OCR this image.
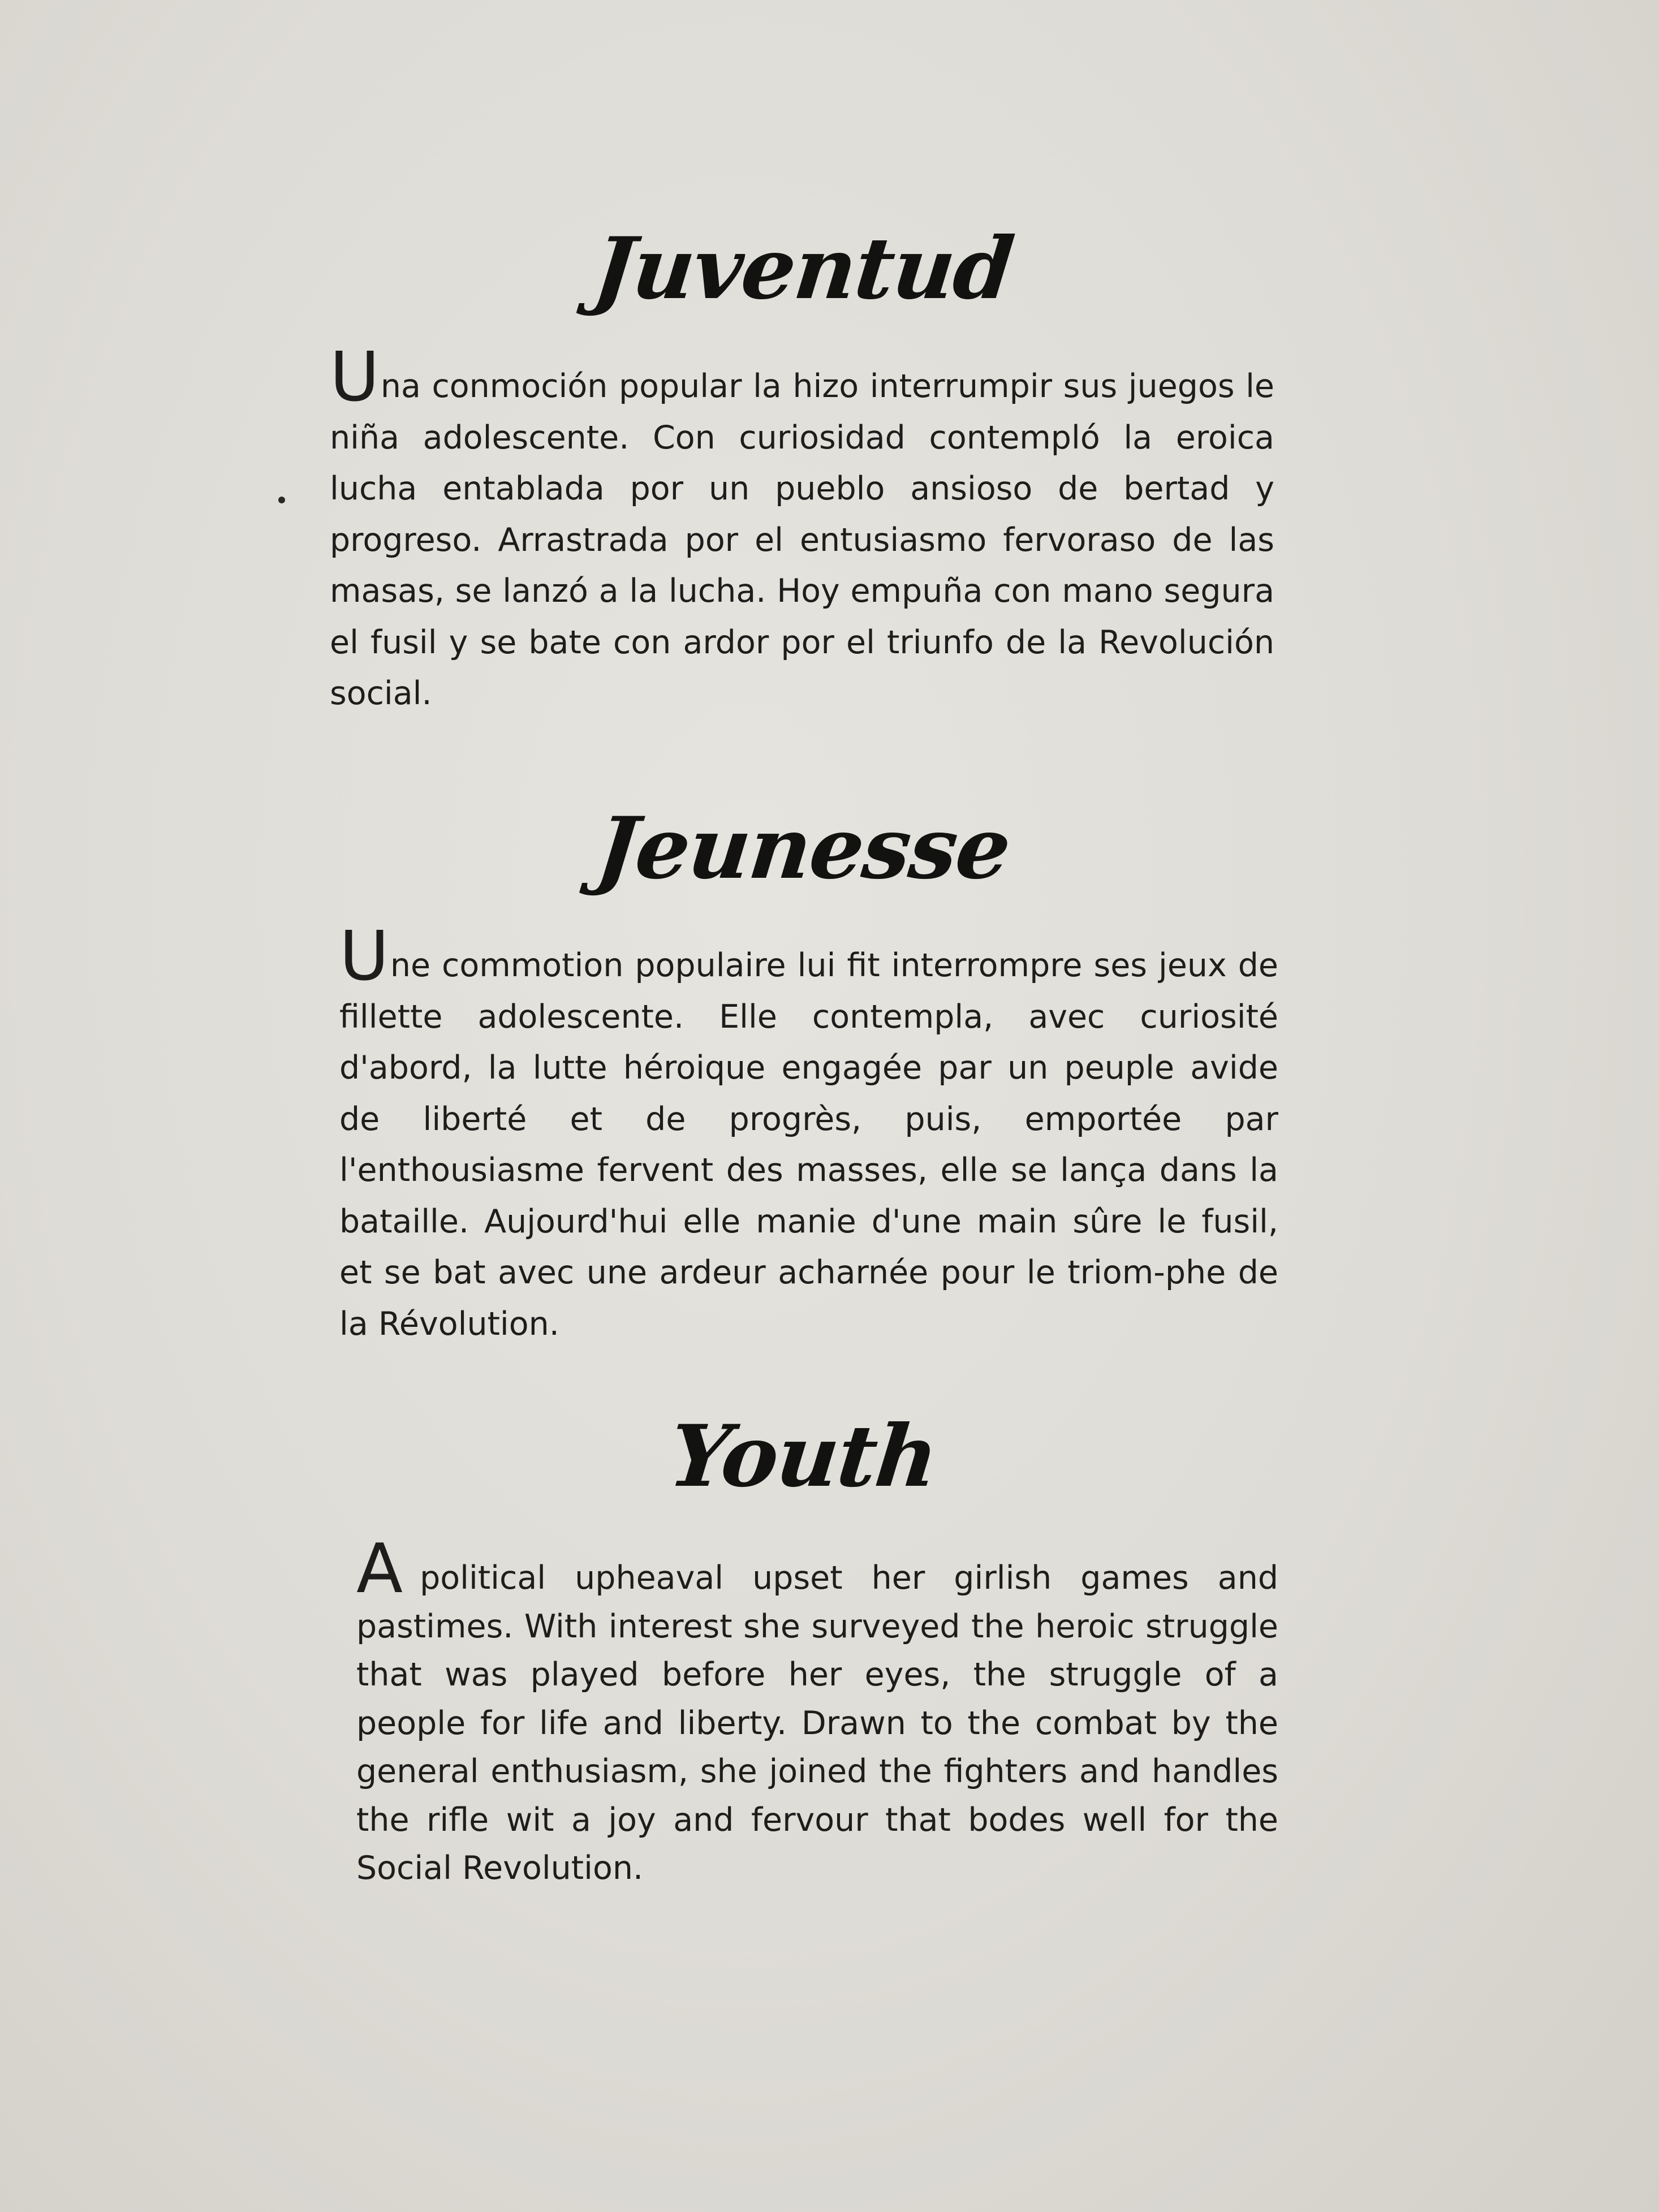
Juventud

Una conmoción popular la hizo interrumpir sus juegos le niña adolescente. Con curiosidad contempló la eroica lucha entablada por un pueblo ansioso de bertad y progreso. Arrastrada por el entusiasmo fervoraso de las masas, se lanzó a la lucha. Hoy empuña con mano segura el fusil y se bate con ardor por el triunfo de la Revolución social.

Jeunesse

Une commotion populaire lui fit interrompre ses jeux de fillette adolescente. Elle contempla, avec curiosité d'abord, la lutte héroique engagée par un peuple avide de liberté et de progrès, puis, emportée par l'enthousiasme fervent des masses, elle se lança dans la bataille. Aujourd'hui elle manie d'une main sûre le fusil, et se bat avec une ardeur acharnée pour le triom-phe de la Révolution.

Youth

Apolitical upheaval upset her girlish games and pastimes. With interest she surveyed the heroic struggle that was played before her eyes, the struggle of a people for life and liberty. Drawn to the combat by the general enthusiasm, she joined the fighters and handles the rifle wit a joy and fervour that bodes well for the Social Revolution.
